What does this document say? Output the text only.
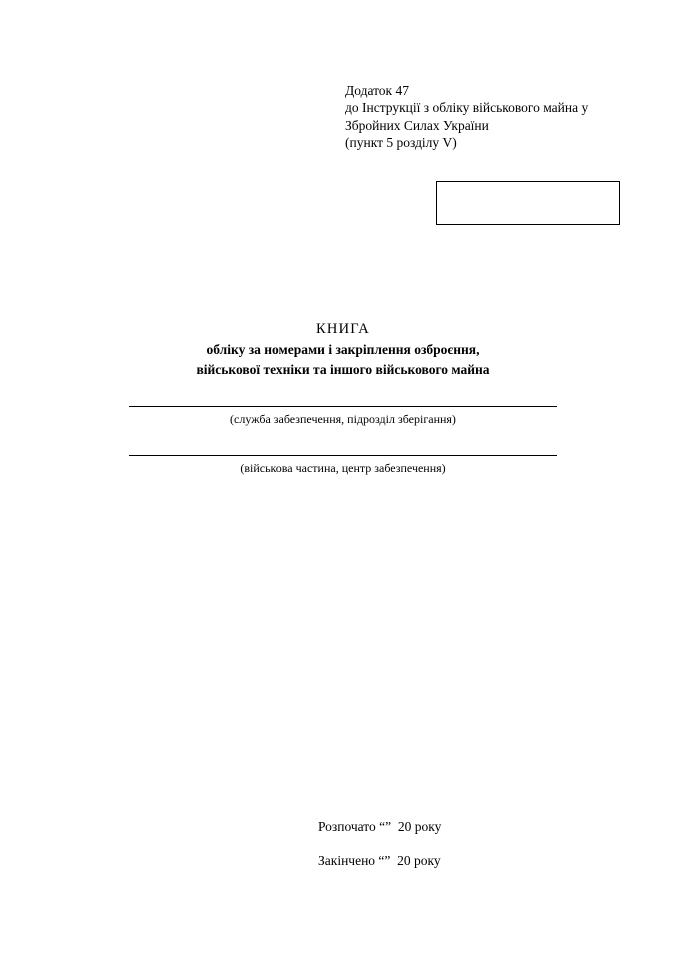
Додаток 47
до Інструкції з обліку військового майна у
Збройних Силах України
(пункт 5 розділу V)
КНИГА
обліку за номерами і закріплення озброєння,
військової техніки та іншого військового майна
(служба забезпечення, підрозділ зберігання)
(військова частина, центр забезпечення)
Розпочато “” 20 року
Закінчено “” 20 року
